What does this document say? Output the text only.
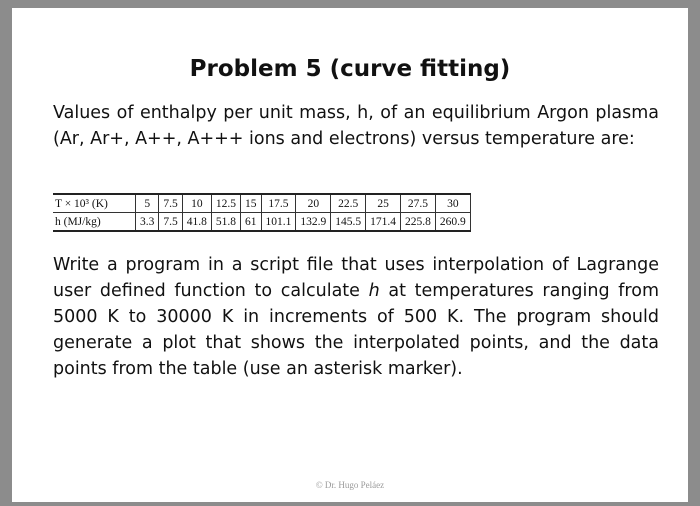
Problem 5 (curve fitting)

Values of enthalpy per unit mass, h, of an equilibrium Argon plasma (Ar, Ar+, A++, A+++ ions and electrons) versus temperature are:

T × 10³ (K)	5	7.5	10	12.5	15	17.5	20	22.5	25	27.5	30
h (MJ/kg)	3.3	7.5	41.8	51.8	61	101.1	132.9	145.5	171.4	225.8	260.9

Write a program in a script file that uses interpolation of Lagrange user defined function to calculate h at temperatures ranging from 5000 K to 30000 K in increments of 500 K. The program should generate a plot that shows the interpolated points, and the data points from the table (use an asterisk marker).

© Dr. Hugo Peláez
